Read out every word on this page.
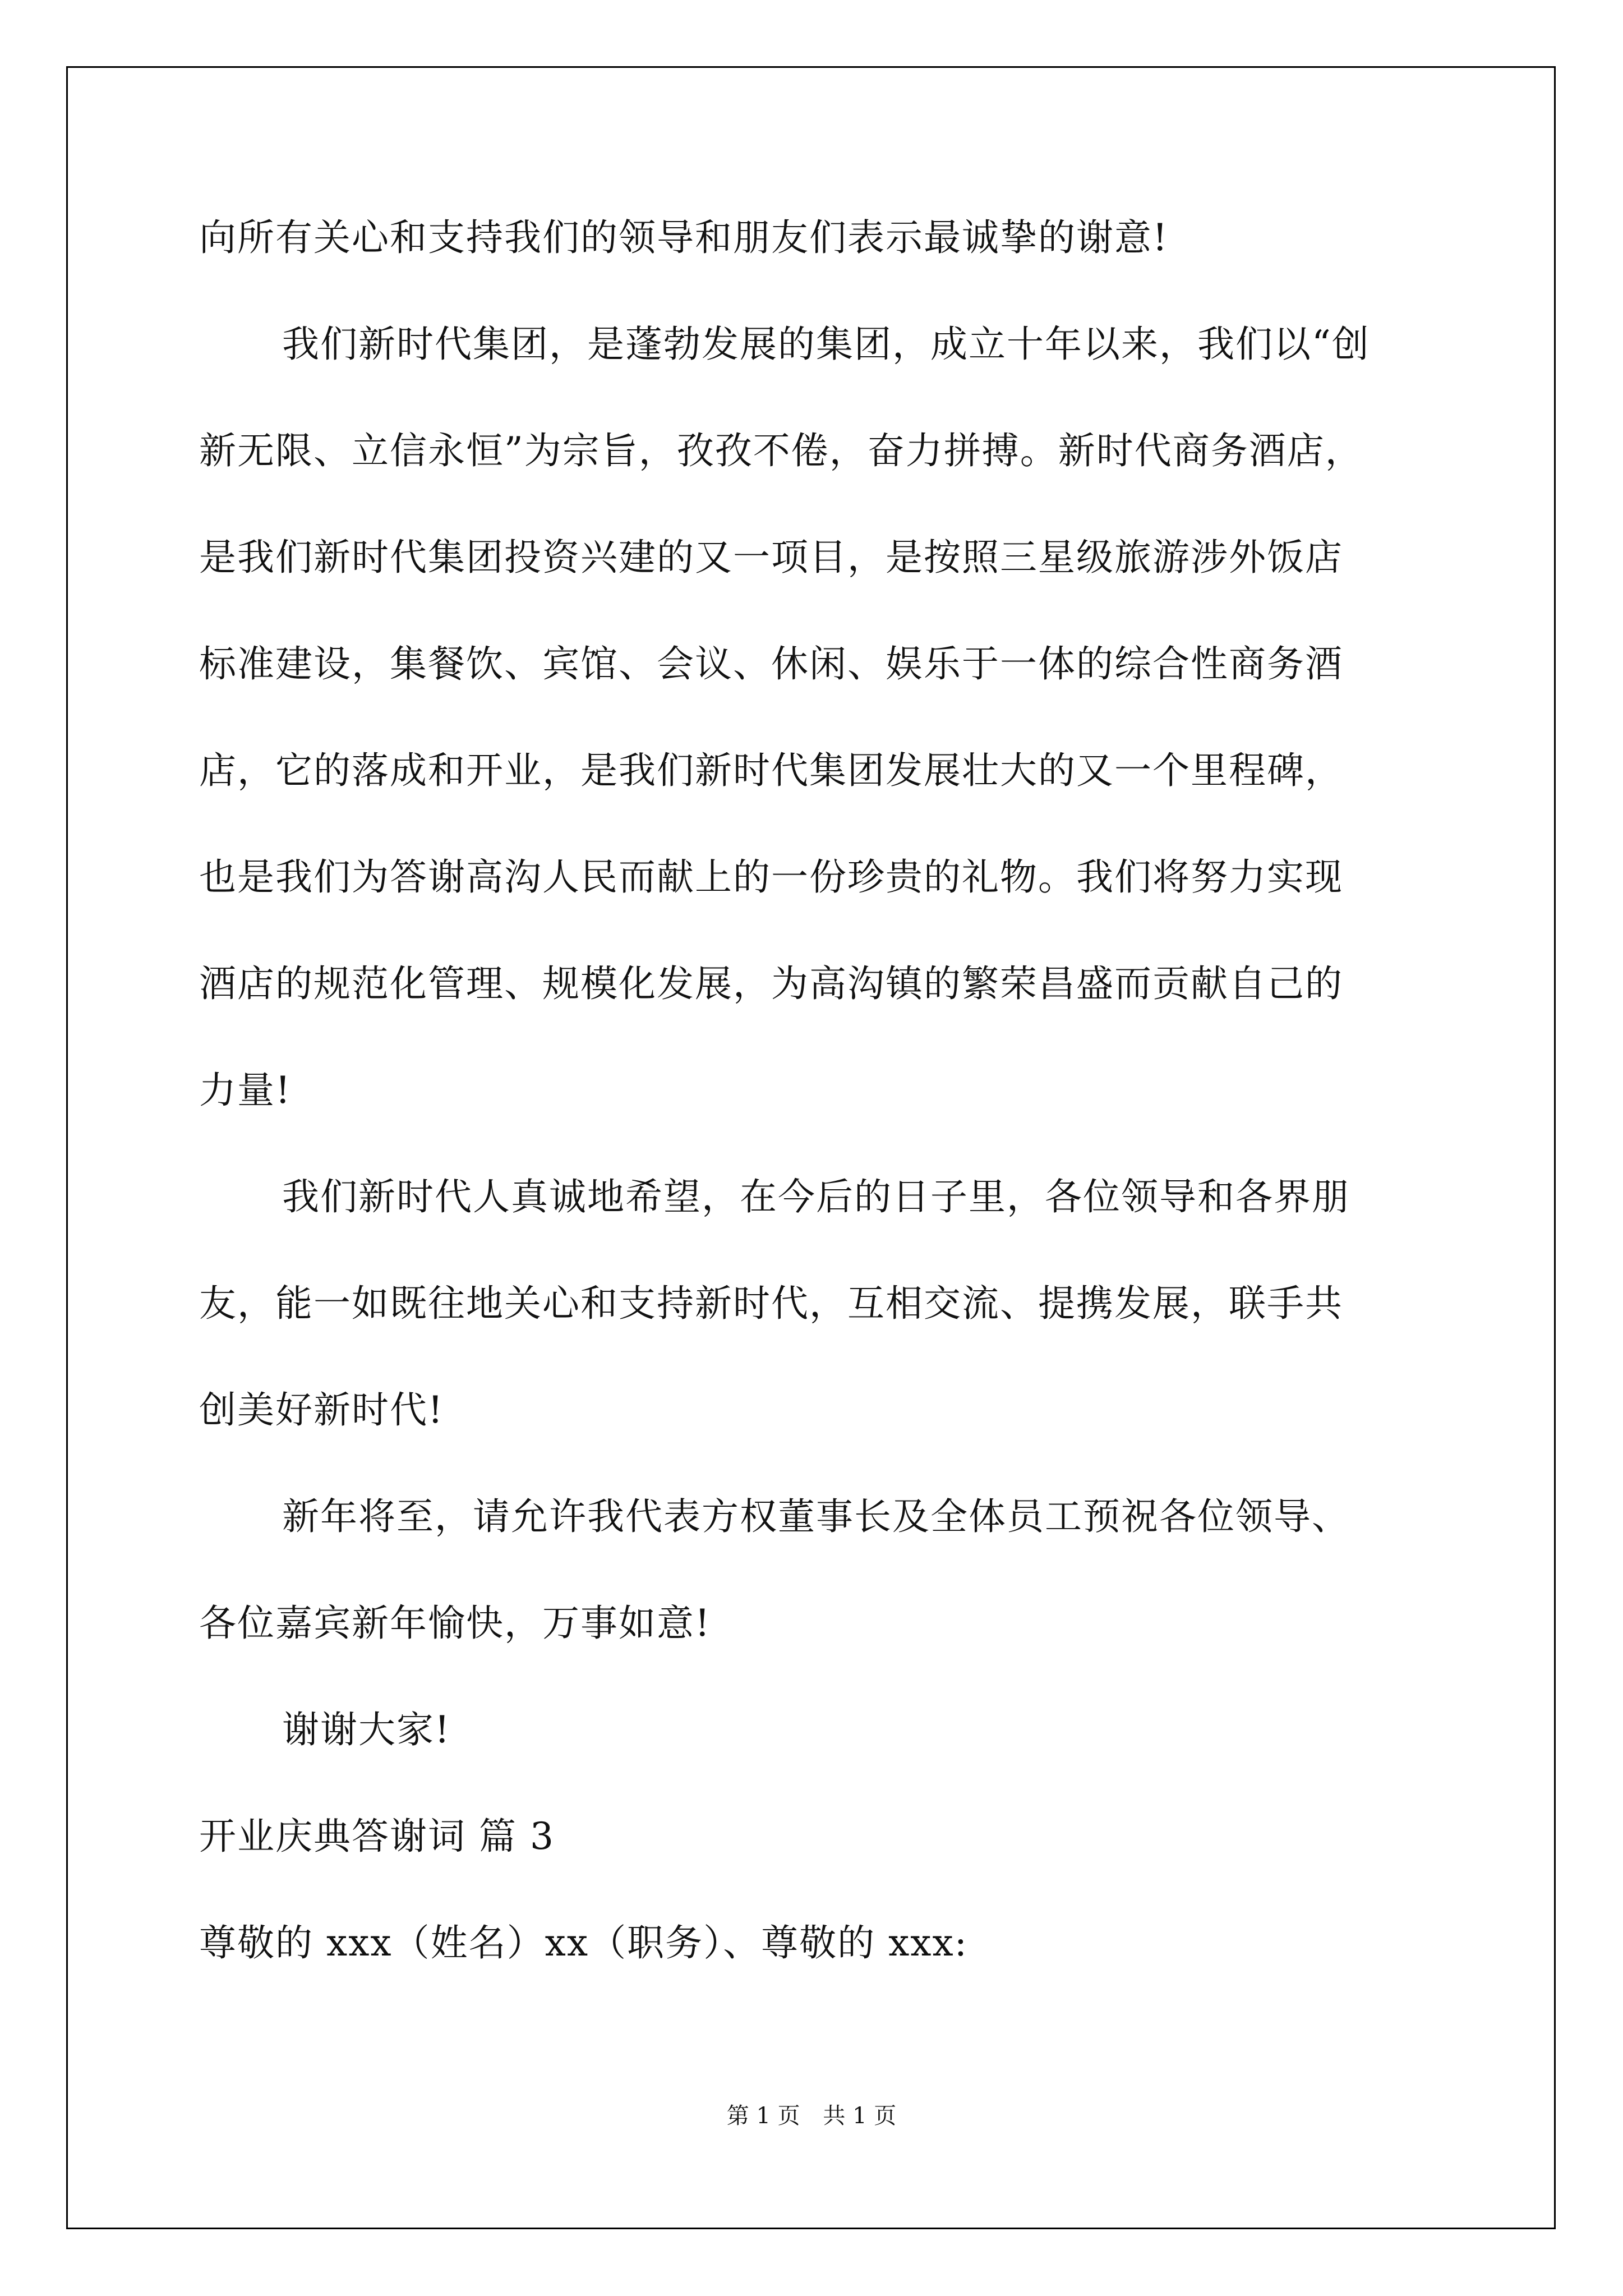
向所有关心和支持我们的领导和朋友们表示最诚挚的谢意!
我们新时代集团，是蓬勃发展的集团，成立十年以来，我们以“创
新无限、立信永恒”为宗旨，孜孜不倦，奋力拼搏。新时代商务酒店，
是我们新时代集团投资兴建的又一项目，是按照三星级旅游涉外饭店
标准建设，集餐饮、宾馆、会议、休闲、娱乐于一体的综合性商务酒
店，它的落成和开业，是我们新时代集团发展壮大的又一个里程碑，
也是我们为答谢高沟人民而献上的一份珍贵的礼物。我们将努力实现
酒店的规范化管理、规模化发展，为高沟镇的繁荣昌盛而贡献自己的
力量!
我们新时代人真诚地希望，在今后的日子里，各位领导和各界朋
友，能一如既往地关心和支持新时代，互相交流、提携发展，联手共
创美好新时代!
新年将至，请允许我代表方权董事长及全体员工预祝各位领导、
各位嘉宾新年愉快，万事如意!
谢谢大家!
开业庆典答谢词 篇 3
尊敬的 xxx（姓名）xx（职务）、尊敬的 xxx:
第 1 页 共 1 页
